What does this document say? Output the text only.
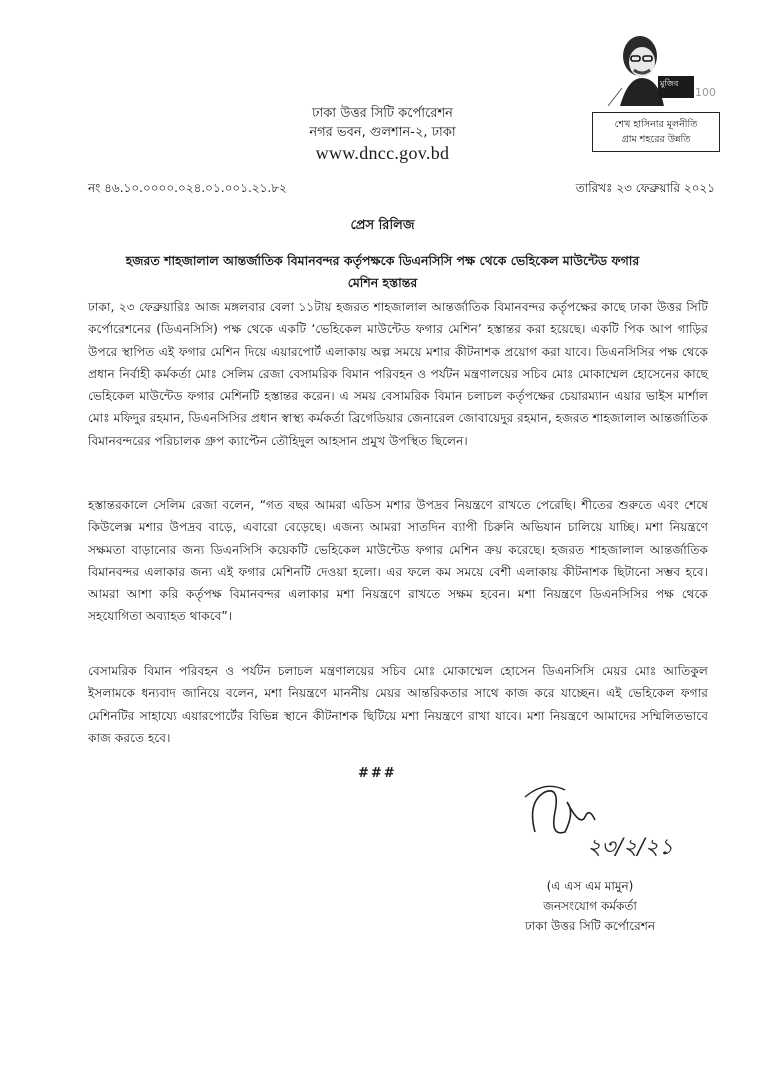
ঢাকা উত্তর সিটি কর্পোরেশন
নগর ভবন, গুলশান-২, ঢাকা
www.dncc.gov.bd
মুজিব
100
শেখ হাসিনার মূলনীতি
গ্রাম শহরের উন্নতি
নং ৪৬.১০.০০০০.০২৪.০১.০০১.২১.৮২	তারিখঃ ২৩ ফেব্রুয়ারি ২০২১
প্রেস রিলিজ
হজরত শাহজালাল আন্তর্জাতিক বিমানবন্দর কর্তৃপক্ষকে ডিএনসিসি পক্ষ থেকে ভেহিকেল মাউন্টেড ফগার
মেশিন হস্তান্তর

ঢাকা, ২৩ ফেব্রুয়ারিঃ আজ মঙ্গলবার বেলা ১১টায় হজরত শাহজালাল আন্তর্জাতিক বিমানবন্দর কর্তৃপক্ষের কাছে ঢাকা উত্তর সিটি কর্পোরেশনের (ডিএনসিসি) পক্ষ থেকে একটি ‘ভেহিকেল মাউন্টেড ফগার মেশিন’ হস্তান্তর করা হয়েছে। একটি পিক আপ গাড়ির উপরে স্থাপিত এই ফগার মেশিন দিয়ে এয়ারপোর্ট এলাকায় অল্প সময়ে মশার কীটনাশক প্রয়োগ করা যাবে। ডিএনসিসির পক্ষ থেকে প্রধান নির্বাহী কর্মকর্তা মোঃ সেলিম রেজা বেসামরিক বিমান পরিবহন ও পর্যটন মন্ত্রণালয়ের সচিব মোঃ মোকাম্মেল হোসেনের কাছে ভেহিকেল মাউন্টেড ফগার মেশিনটি হস্তান্তর করেন। এ সময় বেসামরিক বিমান চলাচল কর্তৃপক্ষের চেয়ারম্যান এয়ার ভাইস মার্শাল মোঃ মফিদুর রহমান, ডিএনসিসির প্রধান স্বাস্থ্য কর্মকর্তা ব্রিগেডিয়ার জেনারেল জোবায়েদুর রহমান, হজরত শাহজালাল আন্তর্জাতিক বিমানবন্দরের পরিচালক গ্রুপ ক্যাপ্টেন তৌহিদুল আহসান প্রমুখ উপস্থিত ছিলেন।

হস্তান্তরকালে সেলিম রেজা বলেন, “গত বছর আমরা এডিস মশার উপদ্রব নিয়ন্ত্রণে রাখতে পেরেছি। শীতের শুরুতে এবং শেষে কিউলেক্স মশার উপদ্রব বাড়ে, এবারো বেড়েছে। এজন্য আমরা সাতদিন ব্যাপী চিরুনি অভিযান চালিয়ে যাচ্ছি। মশা নিয়ন্ত্রণে সক্ষমতা বাড়ানোর জন্য ডিএনসিসি কয়েকটি ভেহিকেল মাউন্টেড ফগার মেশিন ক্রয় করেছে। হজরত শাহজালাল আন্তর্জাতিক বিমানবন্দর এলাকার জন্য এই ফগার মেশিনটি দেওয়া হলো। এর ফলে কম সময়ে বেশী এলাকায় কীটনাশক ছিটানো সম্ভব হবে। আমরা আশা করি কর্তৃপক্ষ বিমানবন্দর এলাকার মশা নিয়ন্ত্রণে রাখতে সক্ষম হবেন। মশা নিয়ন্ত্রণে ডিএনসিসির পক্ষ থেকে সহযোগিতা অব্যাহত থাকবে”।

বেসামরিক বিমান পরিবহন ও পর্যটন চলাচল মন্ত্রণালয়ের সচিব মোঃ মোকাম্মেল হোসেন ডিএনসিসি মেয়র মোঃ আতিকুল ইসলামকে ধন্যবাদ জানিয়ে বলেন, মশা নিয়ন্ত্রণে মাননীয় মেয়র আন্তরিকতার সাথে কাজ করে যাচ্ছেন। এই ভেহিকেল ফগার মেশিনটির সাহায্যে এয়ারপোর্টের বিভিন্ন স্থানে কীটনাশক ছিটিয়ে মশা নিয়ন্ত্রণে রাখা যাবে। মশা নিয়ন্ত্রণে আমাদের সম্মিলিতভাবে কাজ করতে হবে।

###
২৩/২/২১
(এ এস এম মামুন)
জনসংযোগ কর্মকর্তা
ঢাকা উত্তর সিটি কর্পোরেশন
